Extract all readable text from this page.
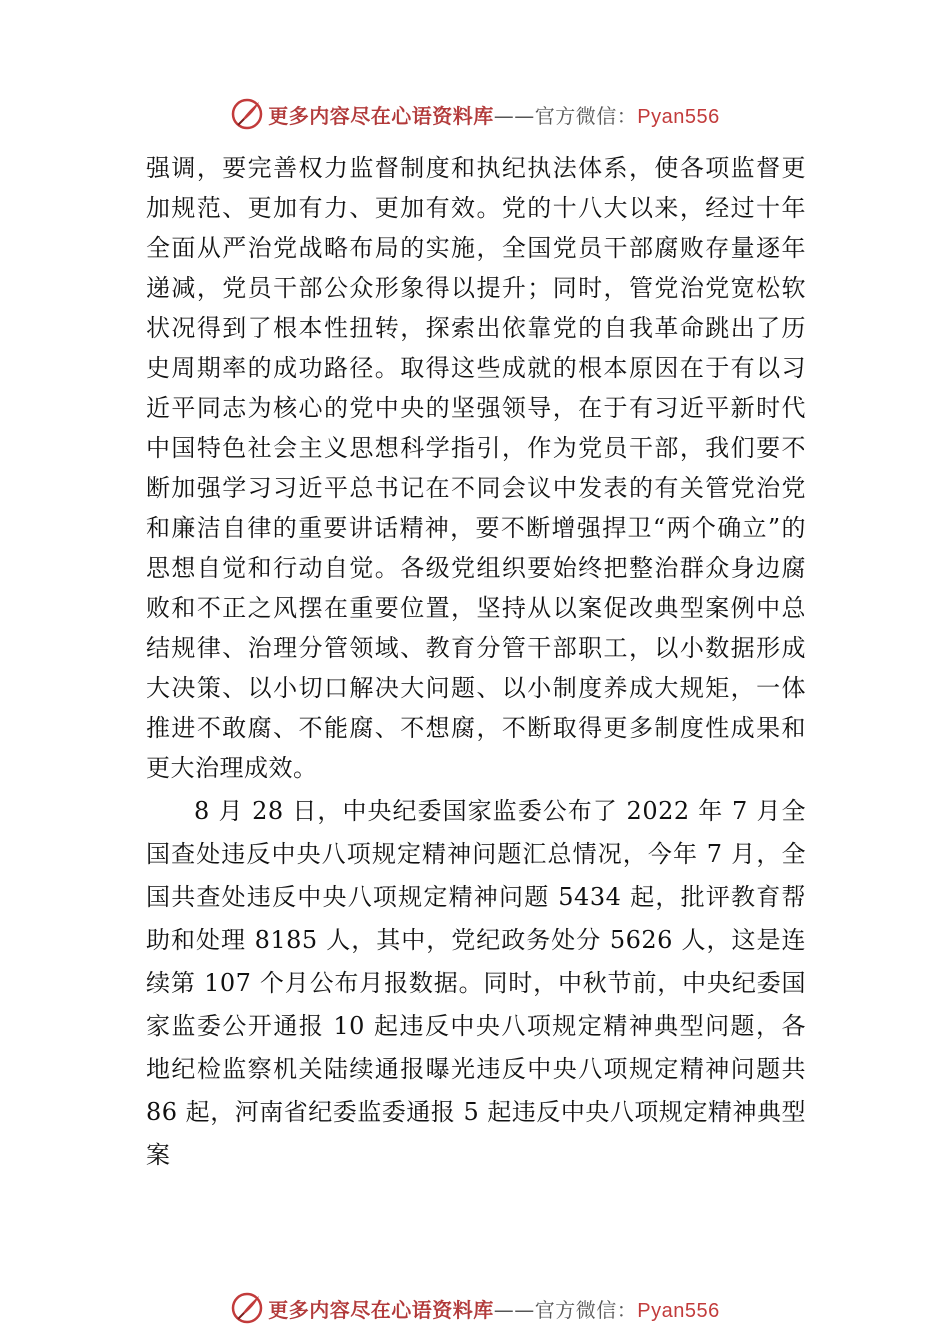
更多内容尽在心语资料库——官方微信：Pyan556

强调，要完善权力监督制度和执纪执法体系，使各项监督更加规范、更加有力、更加有效。党的十八大以来，经过十年全面从严治党战略布局的实施，全国党员干部腐败存量逐年递减，党员干部公众形象得以提升；同时，管党治党宽松软状况得到了根本性扭转，探索出依靠党的自我革命跳出了历史周期率的成功路径。取得这些成就的根本原因在于有以习近平同志为核心的党中央的坚强领导，在于有习近平新时代中国特色社会主义思想科学指引，作为党员干部，我们要不断加强学习习近平总书记在不同会议中发表的有关管党治党和廉洁自律的重要讲话精神，要不断增强捍卫“两个确立”的思想自觉和行动自觉。各级党组织要始终把整治群众身边腐败和不正之风摆在重要位置，坚持从以案促改典型案例中总结规律、治理分管领域、教育分管干部职工，以小数据形成大决策、以小切口解决大问题、以小制度养成大规矩，一体推进不敢腐、不能腐、不想腐，不断取得更多制度性成果和更大治理成效。

8 月 28 日，中央纪委国家监委公布了 2022 年 7 月全国查处违反中央八项规定精神问题汇总情况，今年 7 月，全国共查处违反中央八项规定精神问题 5434 起，批评教育帮助和处理 8185 人，其中，党纪政务处分 5626 人，这是连续第 107 个月公布月报数据。同时，中秋节前，中央纪委国家监委公开通报 10 起违反中央八项规定精神典型问题，各地纪检监察机关陆续通报曝光违反中央八项规定精神问题共 86 起，河南省纪委监委通报 5 起违反中央八项规定精神典型案

更多内容尽在心语资料库——官方微信：Pyan556
